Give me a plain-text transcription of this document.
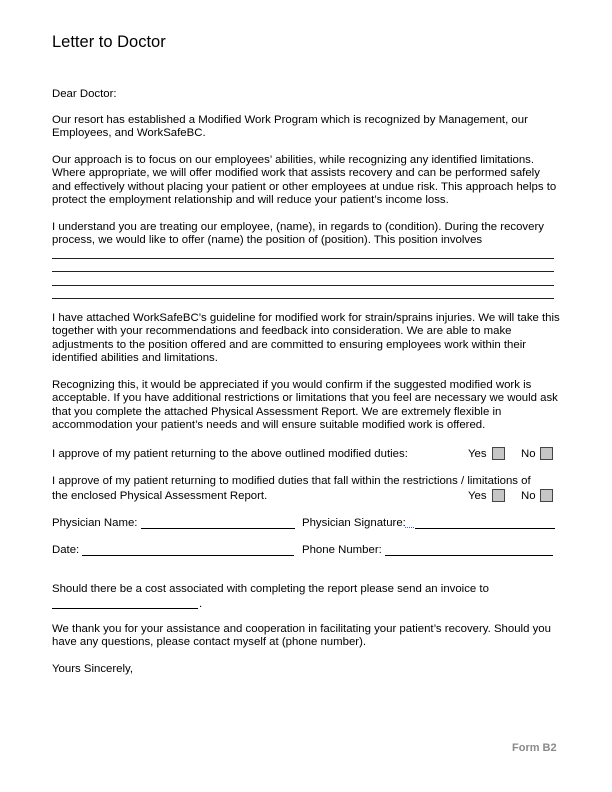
Letter to Doctor

Dear Doctor:

Our resort has established a Modified Work Program which is recognized by Management, our Employees, and WorkSafeBC.

Our approach is to focus on our employees’ abilities, while recognizing any identified limitations. Where appropriate, we will offer modified work that assists recovery and can be performed safely and effectively without placing your patient or other employees at undue risk. This approach helps to protect the employment relationship and will reduce your patient’s income loss.

I understand you are treating our employee, (name), in regards to (condition). During the recovery process, we would like to offer (name) the position of (position). This position involves

I have attached WorkSafeBC’s guideline for modified work for strain/sprains injuries. We will take this together with your recommendations and feedback into consideration. We are able to make adjustments to the position offered and are committed to ensuring employees work within their identified abilities and limitations.

Recognizing this, it would be appreciated if you would confirm if the suggested modified work is acceptable. If you have additional restrictions or limitations that you feel are necessary we would ask that you complete the attached Physical Assessment Report. We are extremely flexible in accommodation your patient’s needs and will ensure suitable modified work is offered.

I approve of my patient returning to the above outlined modified duties:	Yes	No
I approve of my patient returning to modified duties that fall within the restrictions / limitations of
the enclosed Physical Assessment Report.	Yes	No
Physician Name:	Physician Signature:
Date:	Phone Number:

Should there be a cost associated with completing the report please send an invoice to

.

We thank you for your assistance and cooperation in facilitating your patient’s recovery. Should you have any questions, please contact myself at (phone number).

Yours Sincerely,

Form B2
